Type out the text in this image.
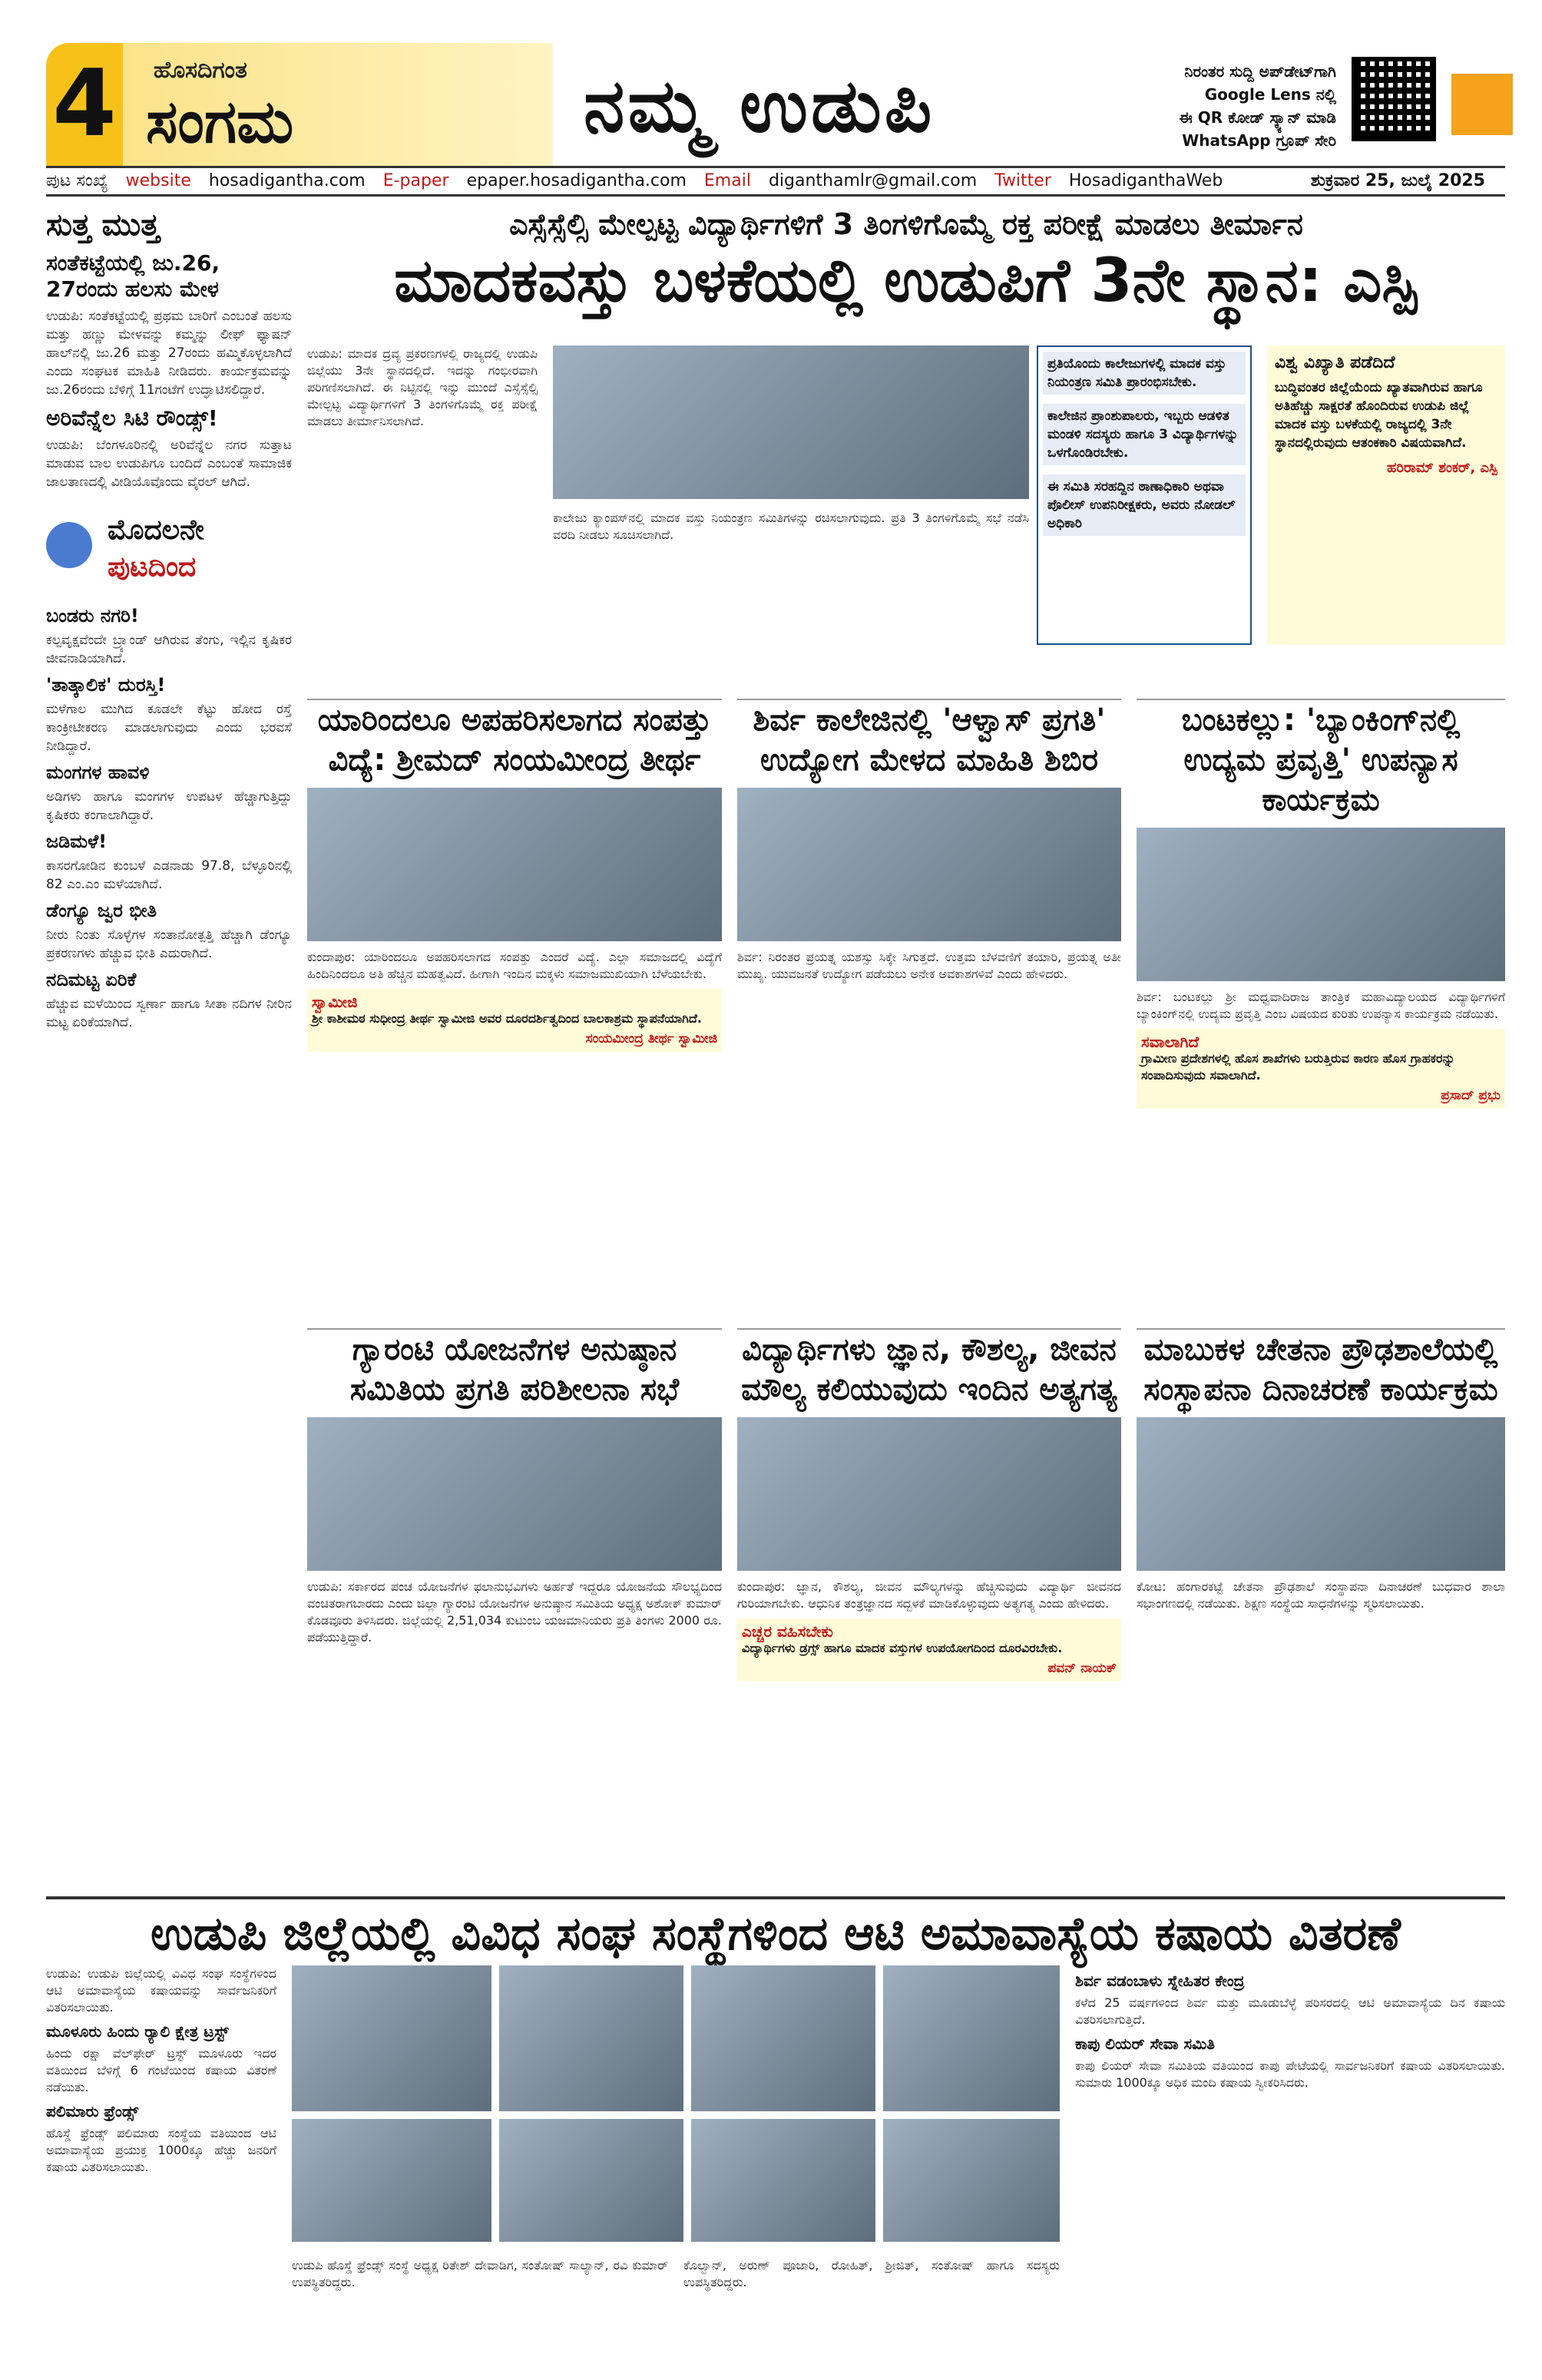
4 ಹೊಸದಿಗಂತ
ಸಂಗಮ	ನಮ್ಮ ಉಡುಪಿ	ನಿರಂತರ ಸುದ್ದಿ ಅಪ್‌ಡೇಟ್‌ಗಾಗಿ
Google Lens ನಲ್ಲಿ
ಈ QR ಕೋಡ್ ಸ್ಕ್ಯಾನ್ ಮಾಡಿ
WhatsApp ಗ್ರೂಪ್ ಸೇರಿ
ಪುಟ ಸಂಖ್ಯೆ website hosadigantha.com E-paper epaper.hosadigantha.com Email diganthamlr@gmail.com Twitter HosadiganthaWeb	ಶುಕ್ರವಾರ 25, ಜುಲೈ 2025
ಸುತ್ತ ಮುತ್ತ
ಸಂತೆಕಟ್ಟೆಯಲ್ಲಿ ಜು.26, 27ರಂದು ಹಲಸು ಮೇಳ
ಉಡುಪಿ: ಸಂತೆಕಟ್ಟೆಯಲ್ಲಿ ಪ್ರಥಮ ಬಾರಿಗೆ ಎಂಬಂತೆ ಹಲಸು ಮತ್ತು ಹಣ್ಣು ಮೇಳವನ್ನು ಕಮ್ಮನ್ನು ಲೀಫ್ ಫ್ಯಾಷನ್ ಹಾಲ್‌ನಲ್ಲಿ ಜು.26 ಮತ್ತು 27ರಂದು ಹಮ್ಮಿಕೊಳ್ಳಲಾಗಿದೆ ಎಂದು ಸಂಘಟಕ ಮಾಹಿತಿ ನೀಡಿದರು. ಕಾರ್ಯಕ್ರಮವನ್ನು ಜು.26ರಂದು ಬೆಳಿಗ್ಗೆ 11ಗಂಟೆಗೆ ಉದ್ಘಾಟಿಸಲಿದ್ದಾರೆ.
ಅರಿವೆನ್ನೆಲ ಸಿಟಿ ರೌಂಡ್ಸ್!
ಉಡುಪಿ: ಬೆಂಗಳೂರಿನಲ್ಲಿ ಅರಿವೆನ್ನೆಲ ನಗರ ಸುತ್ತಾಟ ಮಾಡುವ ಬಾಲ ಉಡುಪಿಗೂ ಬಂದಿದೆ ಎಂಬಂತೆ ಸಾಮಾಜಿಕ ಜಾಲತಾಣದಲ್ಲಿ ವೀಡಿಯೊವೊಂದು ವೈರಲ್ ಆಗಿದೆ.
ಮೊದಲನೇ
ಪುಟದಿಂದ
ಬಂಡರು ನಗರಿ!
ಕಲ್ಪವೃಕ್ಷವೆಂದೇ ಬ್ರ್ಯಾಂಡ್ ಆಗಿರುವ ತೆಂಗು, ಇಲ್ಲಿನ ಕೃಷಿಕರ ಜೀವನಾಡಿಯಾಗಿದೆ.
'ತಾತ್ಕಾಲಿಕ' ದುರಸ್ತಿ!
ಮಳೆಗಾಲ ಮುಗಿದ ಕೂಡಲೇ ಕೆಟ್ಟು ಹೋದ ರಸ್ತೆ ಕಾಂಕ್ರೀಟೀಕರಣ ಮಾಡಲಾಗುವುದು ಎಂದು ಭರವಸೆ ನೀಡಿದ್ದಾರೆ.
ಮಂಗಗಳ ಹಾವಳಿ
ಅಡಿಗಳು ಹಾಗೂ ಮಂಗಗಳ ಉಪಟಳ ಹೆಚ್ಚಾಗುತ್ತಿದ್ದು ಕೃಷಿಕರು ಕಂಗಾಲಾಗಿದ್ದಾರೆ.
ಜಡಿಮಳೆ!
ಕಾಸರಗೋಡಿನ ಕುಂಬಳೆ ಎಡನಾಡು 97.8, ಬೆಳ್ಳೂರಿನಲ್ಲಿ 82 ಎಂ.ಎಂ ಮಳೆಯಾಗಿದೆ.
ಡೆಂಗ್ಯೂ ಜ್ವರ ಭೀತಿ
ನೀರು ನಿಂತು ಸೊಳ್ಳೆಗಳ ಸಂತಾನೋತ್ಪತ್ತಿ ಹೆಚ್ಚಾಗಿ ಡೆಂಗ್ಯೂ ಪ್ರಕರಣಗಳು ಹೆಚ್ಚುವ ಭೀತಿ ಎದುರಾಗಿದೆ.
ನದಿಮಟ್ಟ ಏರಿಕೆ
ಹೆಚ್ಚುವ ಮಳೆಯಿಂದ ಸ್ವರ್ಣಾ ಹಾಗೂ ಸೀತಾ ನದಿಗಳ ನೀರಿನ ಮಟ್ಟ ಏರಿಕೆಯಾಗಿದೆ.
ಎಸ್ಸೆಸ್ಸೆಲ್ಸಿ ಮೇಲ್ಪಟ್ಟ ವಿದ್ಯಾರ್ಥಿಗಳಿಗೆ 3 ತಿಂಗಳಿಗೊಮ್ಮೆ ರಕ್ತ ಪರೀಕ್ಷೆ ಮಾಡಲು ತೀರ್ಮಾನ
ಮಾದಕವಸ್ತು ಬಳಕೆಯಲ್ಲಿ ಉಡುಪಿಗೆ 3ನೇ ಸ್ಥಾನ: ಎಸ್ಪಿ
ಉಡುಪಿ: ಮಾದಕ ದ್ರವ್ಯ ಪ್ರಕರಣಗಳಲ್ಲಿ ರಾಜ್ಯದಲ್ಲಿ ಉಡುಪಿ ಜಿಲ್ಲೆಯು 3ನೇ ಸ್ಥಾನದಲ್ಲಿದೆ. ಇದನ್ನು ಗಂಭೀರವಾಗಿ ಪರಿಗಣಿಸಲಾಗಿದೆ. ಈ ನಿಟ್ಟಿನಲ್ಲಿ ಇನ್ನು ಮುಂದೆ ಎಸ್ಸೆಸ್ಸೆಲ್ಸಿ ಮೇಲ್ಪಟ್ಟ ವಿದ್ಯಾರ್ಥಿಗಳಿಗೆ 3 ತಿಂಗಳಿಗೊಮ್ಮೆ ರಕ್ತ ಪರೀಕ್ಷೆ ಮಾಡಲು ತೀರ್ಮಾನಿಸಲಾಗಿದೆ.
ಕಾಲೇಜು ಕ್ಯಾಂಪಸ್‌ನಲ್ಲಿ ಮಾದಕ ವಸ್ತು ನಿಯಂತ್ರಣ ಸಮಿತಿಗಳನ್ನು ರಚಿಸಲಾಗುವುದು. ಪ್ರತಿ 3 ತಿಂಗಳಿಗೊಮ್ಮೆ ಸಭೆ ನಡೆಸಿ ವರದಿ ನೀಡಲು ಸೂಚಿಸಲಾಗಿದೆ.
ಪ್ರತಿಯೊಂದು ಕಾಲೇಜುಗಳಲ್ಲಿ ಮಾದಕ ವಸ್ತು ನಿಯಂತ್ರಣ ಸಮಿತಿ ಪ್ರಾರಂಭಿಸಬೇಕು.
ಕಾಲೇಜಿನ ಪ್ರಾಂಶುಪಾಲರು, ಇಬ್ಬರು ಆಡಳಿತ ಮಂಡಳಿ ಸದಸ್ಯರು ಹಾಗೂ 3 ವಿದ್ಯಾರ್ಥಿಗಳನ್ನು ಒಳಗೊಂಡಿರಬೇಕು.
ಈ ಸಮಿತಿ ಸರಹದ್ದಿನ ಠಾಣಾಧಿಕಾರಿ ಅಥವಾ ಪೊಲೀಸ್ ಉಪನಿರೀಕ್ಷಕರು, ಅವರು ನೋಡಲ್ ಅಧಿಕಾರಿ
ವಿಶ್ವ ವಿಖ್ಯಾತಿ ಪಡೆದಿದೆ
ಬುದ್ಧಿವಂತರ ಜಿಲ್ಲೆಯೆಂದು ಖ್ಯಾತವಾಗಿರುವ ಹಾಗೂ ಅತಿಹೆಚ್ಚು ಸಾಕ್ಷರತೆ ಹೊಂದಿರುವ ಉಡುಪಿ ಜಿಲ್ಲೆ ಮಾದಕ ವಸ್ತು ಬಳಕೆಯಲ್ಲಿ ರಾಜ್ಯದಲ್ಲಿ 3ನೇ ಸ್ಥಾನದಲ್ಲಿರುವುದು ಆತಂಕಕಾರಿ ವಿಷಯವಾಗಿದೆ.
ಹರಿರಾಮ್ ಶಂಕರ್, ಎಸ್ಪಿ
ಯಾರಿಂದಲೂ ಅಪಹರಿಸಲಾಗದ ಸಂಪತ್ತು ವಿದ್ಯೆ: ಶ್ರೀಮದ್ ಸಂಯಮೀಂದ್ರ ತೀರ್ಥ
ಕುಂದಾಪುರ: ಯಾರಿಂದಲೂ ಅಪಹರಿಸಲಾಗದ ಸಂಪತ್ತು ಎಂದರೆ ವಿದ್ಯೆ. ಎಲ್ಲಾ ಸಮಾಜದಲ್ಲಿ ವಿದ್ಯೆಗೆ ಹಿಂದಿನಿಂದಲೂ ಅತಿ ಹೆಚ್ಚಿನ ಮಹತ್ವವಿದೆ. ಹೀಗಾಗಿ ಇಂದಿನ ಮಕ್ಕಳು ಸಮಾಜಮುಖಿಯಾಗಿ ಬೆಳೆಯಬೇಕು.
ಸ್ವಾಮೀಜಿ
ಶ್ರೀ ಕಾಶೀಮಠ ಸುಧೀಂದ್ರ ತೀರ್ಥ ಸ್ವಾಮೀಜಿ ಅವರ ದೂರದರ್ಶಿತ್ವದಿಂದ ಬಾಲಕಾಶ್ರಮ ಸ್ಥಾಪನೆಯಾಗಿದೆ.
ಸಂಯಮೀಂದ್ರ ತೀರ್ಥ ಸ್ವಾಮೀಜಿ
ಶಿರ್ವ ಕಾಲೇಜಿನಲ್ಲಿ 'ಆಳ್ವಾಸ್ ಪ್ರಗತಿ' ಉದ್ಯೋಗ ಮೇಳದ ಮಾಹಿತಿ ಶಿಬಿರ
ಶಿರ್ವ: ನಿರಂತರ ಪ್ರಯತ್ನ ಯಶಸ್ಸು ಸಿಕ್ಕೇ ಸಿಗುತ್ತದೆ. ಉತ್ತಮ ಬೆಳವಣಿಗೆ ತಯಾರಿ, ಪ್ರಯತ್ನ ಅತೀ ಮುಖ್ಯ. ಯುವಜನತೆ ಉದ್ಯೋಗ ಪಡೆಯಲು ಅನೇಕ ಅವಕಾಶಗಳಿವೆ ಎಂದು ಹೇಳಿದರು.
ಬಂಟಕಲ್ಲು: 'ಬ್ಯಾಂಕಿಂಗ್‌ನಲ್ಲಿ ಉದ್ಯಮ ಪ್ರವೃತ್ತಿ' ಉಪನ್ಯಾಸ ಕಾರ್ಯಕ್ರಮ
ಶಿರ್ವ: ಬಂಟಕಲ್ಲು ಶ್ರೀ ಮಧ್ವವಾದಿರಾಜ ತಾಂತ್ರಿಕ ಮಹಾವಿದ್ಯಾಲಯದ ವಿದ್ಯಾರ್ಥಿಗಳಿಗೆ ಬ್ಯಾಂಕಿಂಗ್‌ನಲ್ಲಿ ಉದ್ಯಮ ಪ್ರವೃತ್ತಿ ಎಂಬ ವಿಷಯದ ಕುರಿತು ಉಪನ್ಯಾಸ ಕಾರ್ಯಕ್ರಮ ನಡೆಯಿತು.
ಸವಾಲಾಗಿದೆ
ಗ್ರಾಮೀಣ ಪ್ರದೇಶಗಳಲ್ಲಿ ಹೊಸ ಶಾಖೆಗಳು ಬರುತ್ತಿರುವ ಕಾರಣ ಹೊಸ ಗ್ರಾಹಕರನ್ನು ಸಂಪಾದಿಸುವುದು ಸವಾಲಾಗಿದೆ.
ಪ್ರಸಾದ್ ಪ್ರಭು
ಗ್ಯಾರಂಟಿ ಯೋಜನೆಗಳ ಅನುಷ್ಠಾನ ಸಮಿತಿಯ ಪ್ರಗತಿ ಪರಿಶೀಲನಾ ಸಭೆ
ಉಡುಪಿ: ಸರ್ಕಾರದ ಪಂಚ ಯೋಜನೆಗಳ ಫಲಾನುಭವಿಗಳು ಅರ್ಹತೆ ಇದ್ದರೂ ಯೋಜನೆಯ ಸೌಲಭ್ಯದಿಂದ ವಂಚಿತರಾಗಬಾರದು ಎಂದು ಜಿಲ್ಲಾ ಗ್ಯಾರಂಟಿ ಯೋಜನೆಗಳ ಅನುಷ್ಠಾನ ಸಮಿತಿಯ ಅಧ್ಯಕ್ಷ ಅಶೋಕ್ ಕುಮಾರ್ ಕೊಡವೂರು ತಿಳಿಸಿದರು. ಜಿಲ್ಲೆಯಲ್ಲಿ 2,51,034 ಕುಟುಂಬ ಯಜಮಾನಿಯರು ಪ್ರತಿ ತಿಂಗಳು 2000 ರೂ. ಪಡೆಯುತ್ತಿದ್ದಾರೆ.
ವಿದ್ಯಾರ್ಥಿಗಳು ಜ್ಞಾನ, ಕೌಶಲ್ಯ, ಜೀವನ ಮೌಲ್ಯ ಕಲಿಯುವುದು ಇಂದಿನ ಅತ್ಯಗತ್ಯ
ಕುಂದಾಪುರ: ಜ್ಞಾನ, ಕೌಶಲ್ಯ, ಜೀವನ ಮೌಲ್ಯಗಳನ್ನು ಹೆಚ್ಚಿಸುವುದು ವಿದ್ಯಾರ್ಥಿ ಜೀವನದ ಗುರಿಯಾಗಬೇಕು. ಆಧುನಿಕ ತಂತ್ರಜ್ಞಾನದ ಸದ್ಬಳಕೆ ಮಾಡಿಕೊಳ್ಳುವುದು ಅತ್ಯಗತ್ಯ ಎಂದು ಹೇಳಿದರು.
ಎಚ್ಚರ ವಹಿಸಬೇಕು
ವಿದ್ಯಾರ್ಥಿಗಳು ಡ್ರಗ್ಸ್ ಹಾಗೂ ಮಾದಕ ವಸ್ತುಗಳ ಉಪಯೋಗದಿಂದ ದೂರವಿರಬೇಕು.
ಪವನ್ ನಾಯಕ್
ಮಾಬುಕಳ ಚೇತನಾ ಪ್ರೌಢಶಾಲೆಯಲ್ಲಿ ಸಂಸ್ಥಾಪನಾ ದಿನಾಚರಣೆ ಕಾರ್ಯಕ್ರಮ
ಕೋಟ: ಹಂಗಾರಕಟ್ಟೆ ಚೇತನಾ ಪ್ರೌಢಶಾಲೆ ಸಂಸ್ಥಾಪನಾ ದಿನಾಚರಣೆ ಬುಧವಾರ ಶಾಲಾ ಸಭಾಂಗಣದಲ್ಲಿ ನಡೆಯಿತು. ಶಿಕ್ಷಣ ಸಂಸ್ಥೆಯ ಸಾಧನೆಗಳನ್ನು ಸ್ಮರಿಸಲಾಯಿತು.
ಉಡುಪಿ ಜಿಲ್ಲೆಯಲ್ಲಿ ವಿವಿಧ ಸಂಘ ಸಂಸ್ಥೆಗಳಿಂದ ಆಟಿ ಅಮಾವಾಸ್ಯೆಯ ಕಷಾಯ ವಿತರಣೆ
ಉಡುಪಿ: ಉಡುಪಿ ಜಿಲ್ಲೆಯಲ್ಲಿ ವಿವಿಧ ಸಂಘ ಸಂಸ್ಥೆಗಳಿಂದ ಆಟಿ ಅಮಾವಾಸ್ಯೆಯ ಕಷಾಯವನ್ನು ಸಾರ್ವಜನಿಕರಿಗೆ ವಿತರಿಸಲಾಯಿತು.
ಮೂಳೂರು ಹಿಂದು ರ‍್ಯಾಲಿ ಕ್ಷೇತ್ರ ಟ್ರಸ್ಟ್
ಹಿಂದು ರಕ್ಷಾ ವೆಲ್‌ಫೇರ್ ಟ್ರಸ್ಟ್ ಮೂಳೂರು ಇದರ ವತಿಯಿಂದ ಬೆಳಿಗ್ಗೆ 6 ಗಂಟೆಯಿಂದ ಕಷಾಯ ವಿತರಣೆ ನಡೆಯಿತು.
ಪಲಿಮಾರು ಫ್ರೆಂಡ್ಸ್
ಹೊಸ್ಡೆ ಫ್ರೆಂಡ್ಸ್ ಪಲಿಮಾರು ಸಂಸ್ಥೆಯ ವತಿಯಿಂದ ಆಟಿ ಅಮಾವಾಸ್ಯೆಯ ಪ್ರಯುಕ್ತ 1000ಕ್ಕೂ ಹೆಚ್ಚು ಜನರಿಗೆ ಕಷಾಯ ವಿತರಿಸಲಾಯಿತು.
ಉಡುಪಿ ಹೊಸ್ಡೆ ಫ್ರೆಂಡ್ಸ್ ಸಂಸ್ಥೆ ಅಧ್ಯಕ್ಷ ರಿತೇಶ್ ದೇವಾಡಿಗ, ಸಂತೋಷ್ ಸಾಲ್ಯಾನ್, ರವಿ ಕುಮಾರ್ ಉಪಸ್ಥಿತರಿದ್ದರು.
ಕೊಲ್ವಾನ್, ಅರುಣ್ ಪೂಜಾರಿ, ರೋಹಿತ್, ಶ್ರೀಜಿತ್, ಸಂತೋಷ್ ಹಾಗೂ ಸದಸ್ಯರು ಉಪಸ್ಥಿತರಿದ್ದರು.
ಶಿರ್ವ ವಡಂಬಾಳು ಸ್ನೇಹಿತರ ಕೇಂದ್ರ
ಕಳೆದ 25 ವರ್ಷಗಳಿಂದ ಶಿರ್ವ ಮತ್ತು ಮೂಡುಬೆಳ್ಳೆ ಪರಿಸರದಲ್ಲಿ ಆಟಿ ಅಮಾವಾಸ್ಯೆಯ ದಿನ ಕಷಾಯ ವಿತರಿಸಲಾಗುತ್ತಿದೆ.
ಕಾಪು ಲಿಯರ್ ಸೇವಾ ಸಮಿತಿ
ಕಾಪು ಲಿಯರ್ ಸೇವಾ ಸಮಿತಿಯ ವತಿಯಿಂದ ಕಾಪು ಪೇಟೆಯಲ್ಲಿ ಸಾರ್ವಜನಿಕರಿಗೆ ಕಷಾಯ ವಿತರಿಸಲಾಯಿತು. ಸುಮಾರು 1000ಕ್ಕೂ ಅಧಿಕ ಮಂದಿ ಕಷಾಯ ಸ್ವೀಕರಿಸಿದರು.
